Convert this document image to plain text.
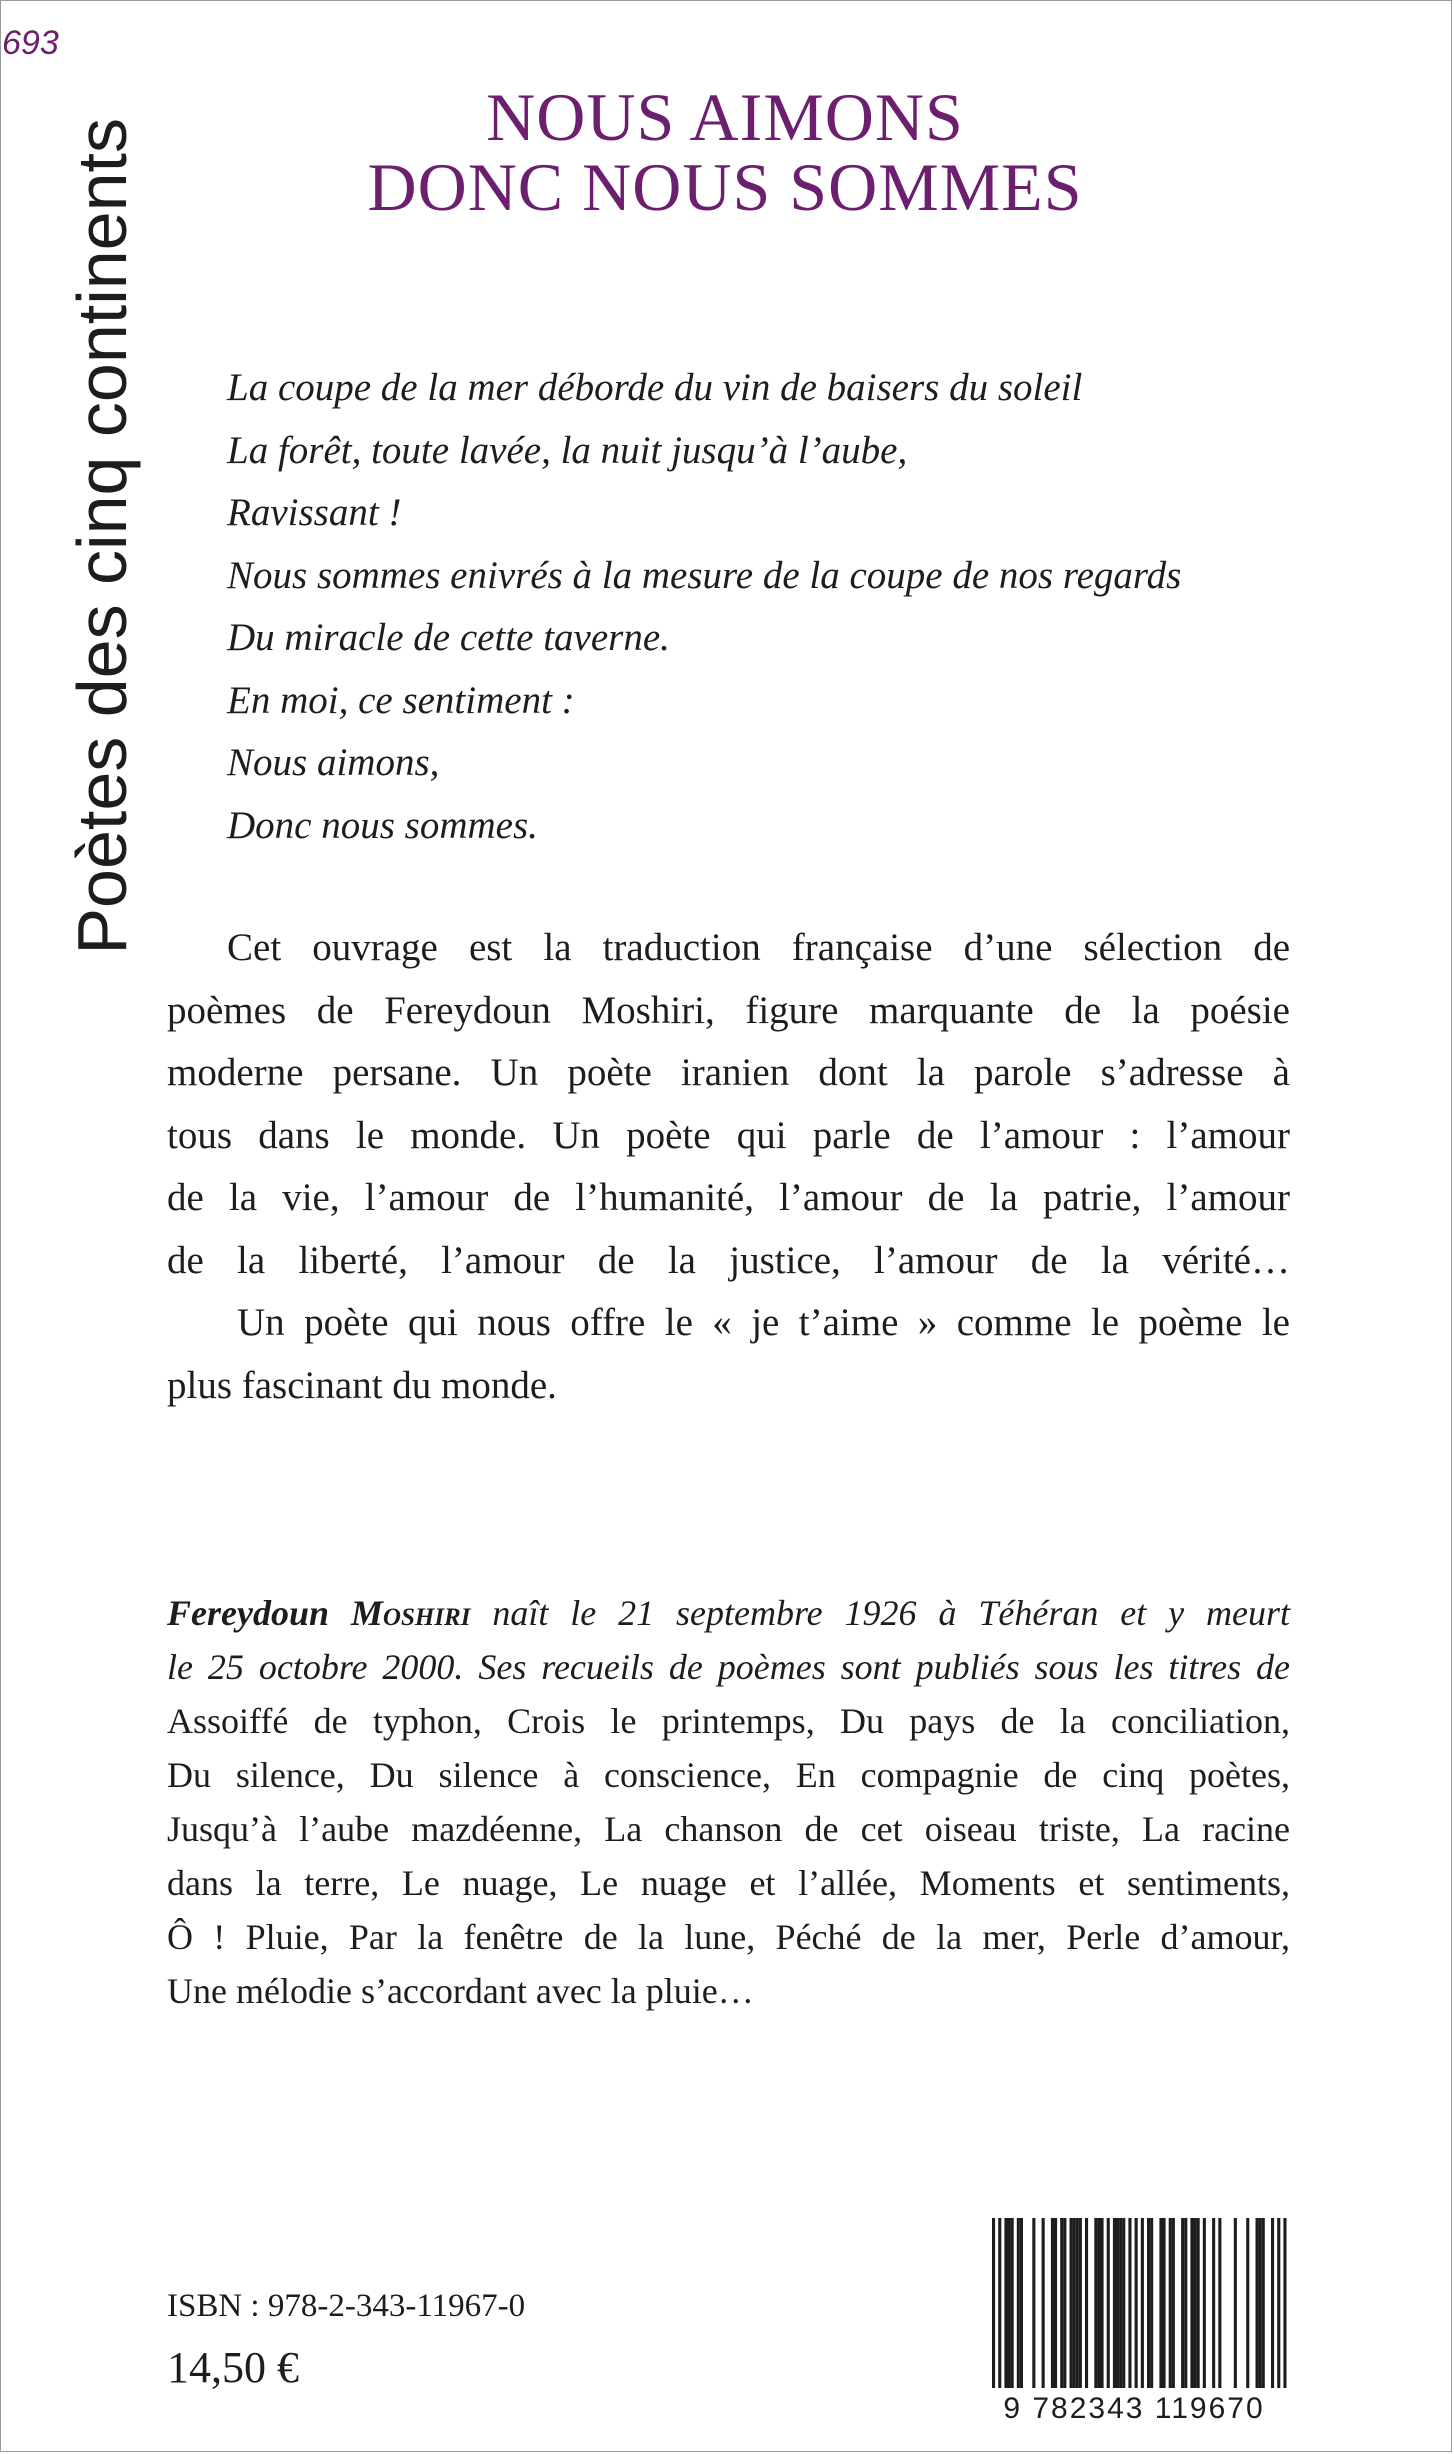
693
Poètes des cinq continents
NOUS AIMONS
DONC NOUS SOMMES
La coupe de la mer déborde du vin de baisers du soleil
La forêt, toute lavée, la nuit jusqu’à l’aube,
Ravissant !
Nous sommes enivrés à la mesure de la coupe de nos regards
Du miracle de cette taverne.
En moi, ce sentiment :
Nous aimons,
Donc nous sommes.
Cet ouvrage est la traduction française d’une sélection de
poèmes de Fereydoun Moshiri, figure marquante de la poésie
moderne persane. Un poète iranien dont la parole s’adresse à
tous dans le monde. Un poète qui parle de l’amour : l’amour
de la vie, l’amour de l’humanité, l’amour de la patrie, l’amour
de la liberté, l’amour de la justice, l’amour de la vérité…
Un poète qui nous offre le « je t’aime » comme le poème le
plus fascinant du monde.
Fereydoun Moshiri naît le 21 septembre 1926 à Téhéran et y meurt
le 25 octobre 2000. Ses recueils de poèmes sont publiés sous les titres de
Assoiffé de typhon, Crois le printemps, Du pays de la conciliation,
Du silence, Du silence à conscience, En compagnie de cinq poètes,
Jusqu’à l’aube mazdéenne, La chanson de cet oiseau triste, La racine
dans la terre, Le nuage, Le nuage et l’allée, Moments et sentiments,
Ô ! Pluie, Par la fenêtre de la lune, Péché de la mer, Perle d’amour,
Une mélodie s’accordant avec la pluie…
ISBN : 978-2-343-11967-0
14,50 €
9 782343 119670
